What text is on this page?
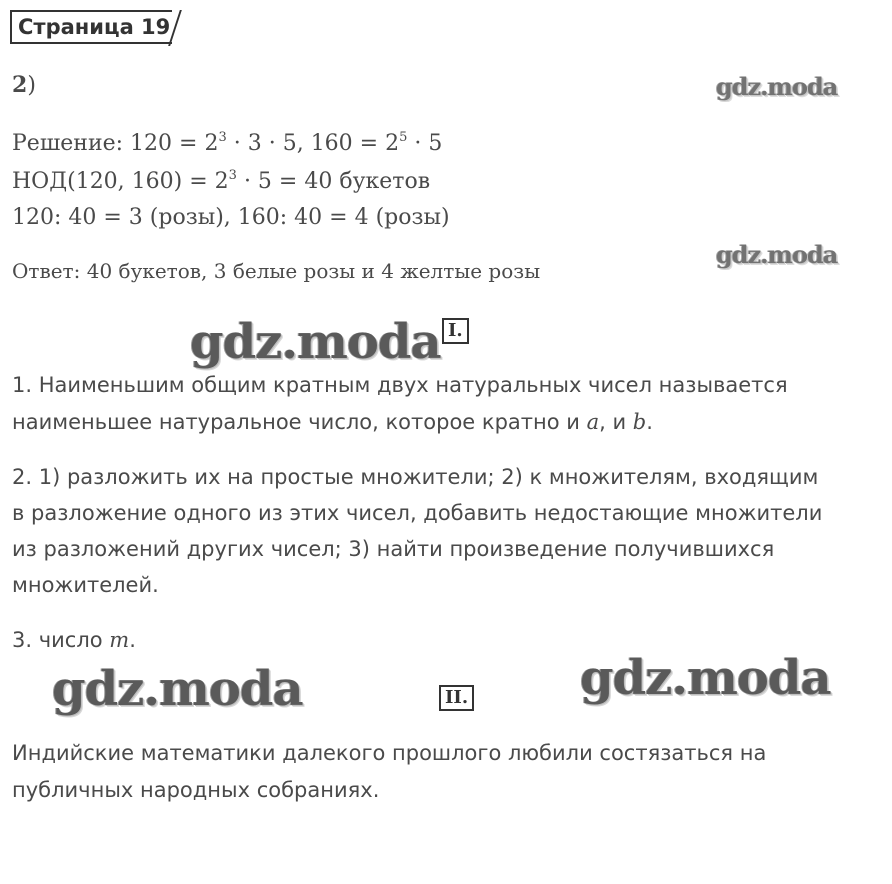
Страница 19
gdz.moda
2)
Решение: $120 = 2^3 \cdot 3 \cdot 5$, $160 = 2^5 \cdot 5$
НОД(120, $160) = 2^3 \cdot 5 = 40$ букетов
120: 40 = 3 (розы), 160: 40 = 4 (розы)
gdz.moda
Ответ: 40 букетов, 3 белые розы и 4 желтые розы
gdz.moda I.
1. Наименьшим общим кратным двух натуральных чисел называется
наименьшее натуральное число, которое кратно и a, и b.
2. 1) разложить их на простые множители; 2) к множителям, входящим
в разложение одного из этих чисел, добавить недостающие множители
из разложений других чисел; 3) найти произведение получившихся
множителей.
3. число m.
gdz.moda	II. gdz.moda
Индийские математики далекого прошлого любили состязаться на
публичных народных собраниях.
